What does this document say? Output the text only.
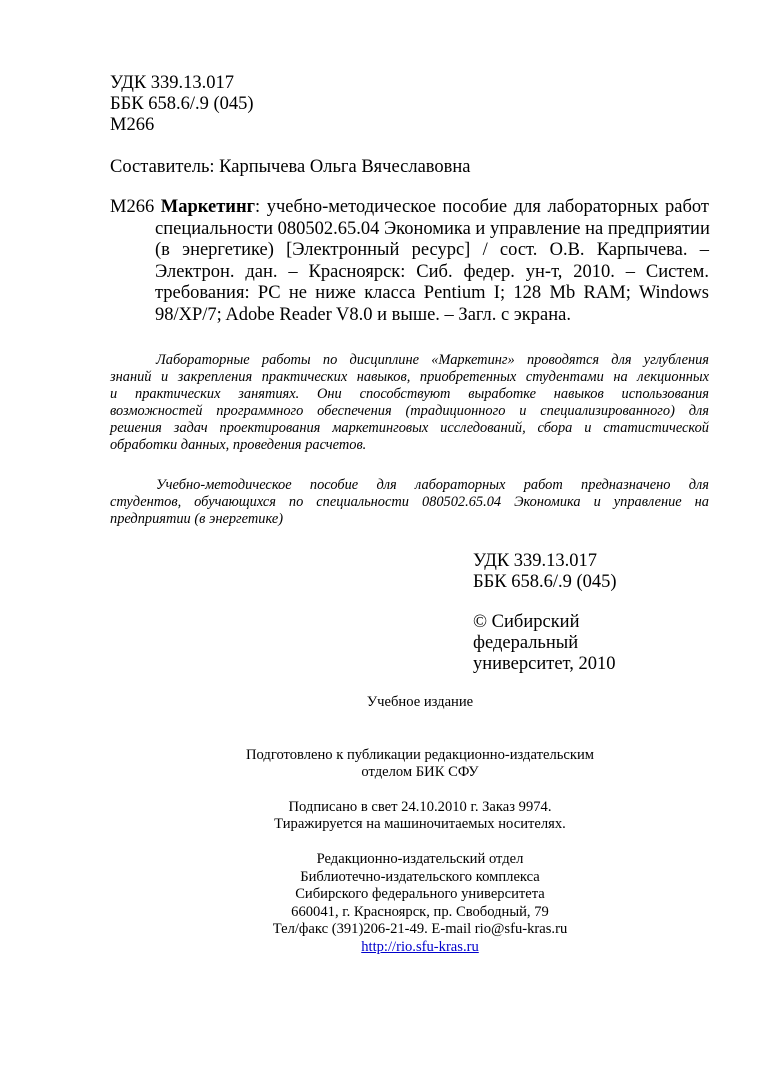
УДК 339.13.017
ББК 658.6/.9 (045)
М266
Составитель: Карпычева Ольга Вячеславовна
М266 Маркетинг: учебно-методическое пособие для лабораторных работ
специальности 080502.65.04 Экономика и управление на предприятии
(в энергетике) [Электронный ресурс] / сост. О.В. Карпычева. –
Электрон. дан. – Красноярск: Сиб. федер. ун-т, 2010. – Систем.
требования: PC не ниже класса Pentium I; 128 Mb RAM; Windows
98/XP/7; Adobe Reader V8.0 и выше. – Загл. с экрана.
Лабораторные работы по дисциплине «Маркетинг» проводятся для углубления
знаний и закрепления практических навыков, приобретенных студентами на лекционных
и практических занятиях. Они способствуют выработке навыков использования
возможностей программного обеспечения (традиционного и специализированного) для
решения задач проектирования маркетинговых исследований, сбора и статистической
обработки данных, проведения расчетов.
Учебно-методическое пособие для лабораторных работ предназначено для
студентов, обучающихся по специальности 080502.65.04 Экономика и управление на
предприятии (в энергетике)
УДК 339.13.017
ББК 658.6/.9 (045)
© Сибирский
федеральный
университет, 2010
Учебное издание
Подготовлено к публикации редакционно-издательским
отделом БИК СФУ
Подписано в свет 24.10.2010 г. Заказ 9974.
Тиражируется на машиночитаемых носителях.
Редакционно-издательский отдел
Библиотечно-издательского комплекса
Сибирского федерального университета
660041, г. Красноярск, пр. Свободный, 79
Тел/факс (391)206-21-49. E-mail rio@sfu-kras.ru
http://rio.sfu-kras.ru
